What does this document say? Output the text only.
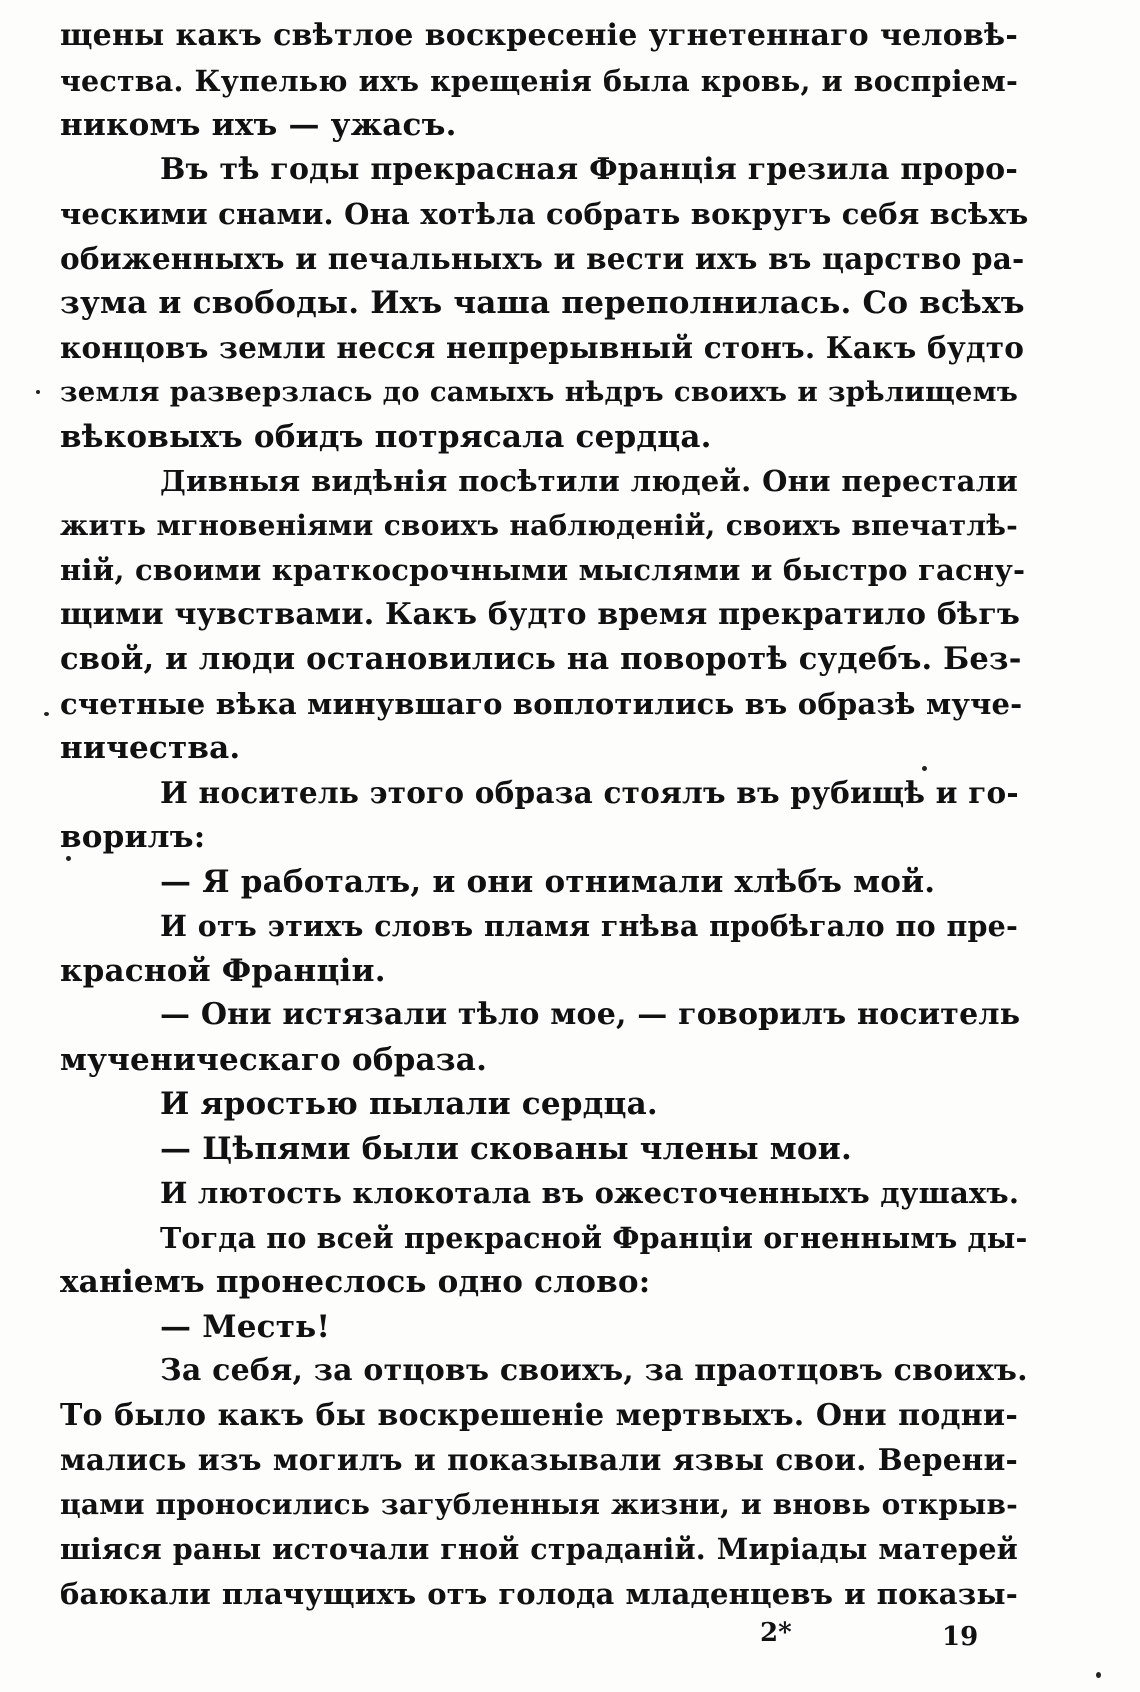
щены какъ свѣтлое воскресеніе угнетеннаго человѣ-
чества. Купелью ихъ крещенія была кровь, и воспріем-
никомъ ихъ — ужасъ.
Въ тѣ годы прекрасная Франція грезила проро-
ческими снами. Она хотѣла собрать вокругъ себя всѣхъ
обиженныхъ и печальныхъ и вести ихъ въ царство ра-
зума и свободы. Ихъ чаша переполнилась. Со всѣхъ
концовъ земли несся непрерывный стонъ. Какъ будто
земля разверзлась до самыхъ нѣдръ своихъ и зрѣлищемъ
вѣковыхъ обидъ потрясала сердца.
Дивныя видѣнія посѣтили людей. Они перестали
жить мгновеніями своихъ наблюденій, своихъ впечатлѣ-
ній, своими краткосрочными мыслями и быстро гасну-
щими чувствами. Какъ будто время прекратило бѣгъ
свой, и люди остановились на поворотѣ судебъ. Без-
счетные вѣка минувшаго воплотились въ образѣ муче-
ничества.
И носитель этого образа стоялъ въ рубищѣ и го-
ворилъ:
— Я работалъ, и они отнимали хлѣбъ мой.
И отъ этихъ словъ пламя гнѣва пробѣгало по пре-
красной Франціи.
— Они истязали тѣло мое, — говорилъ носитель
мученическаго образа.
И яростью пылали сердца.
— Цѣпями были скованы члены мои.
И лютость клокотала въ ожесточенныхъ душахъ.
Тогда по всей прекрасной Франціи огненнымъ ды-
ханіемъ пронеслось одно слово:
— Месть!
За себя, за отцовъ своихъ, за праотцовъ своихъ.
То было какъ бы воскрешеніе мертвыхъ. Они подни-
мались изъ могилъ и показывали язвы свои. Верени-
цами проносились загубленныя жизни, и вновь открыв-
шіяся раны источали гной страданій. Миріады матерей
баюкали плачущихъ отъ голода младенцевъ и показы-
2*	19
